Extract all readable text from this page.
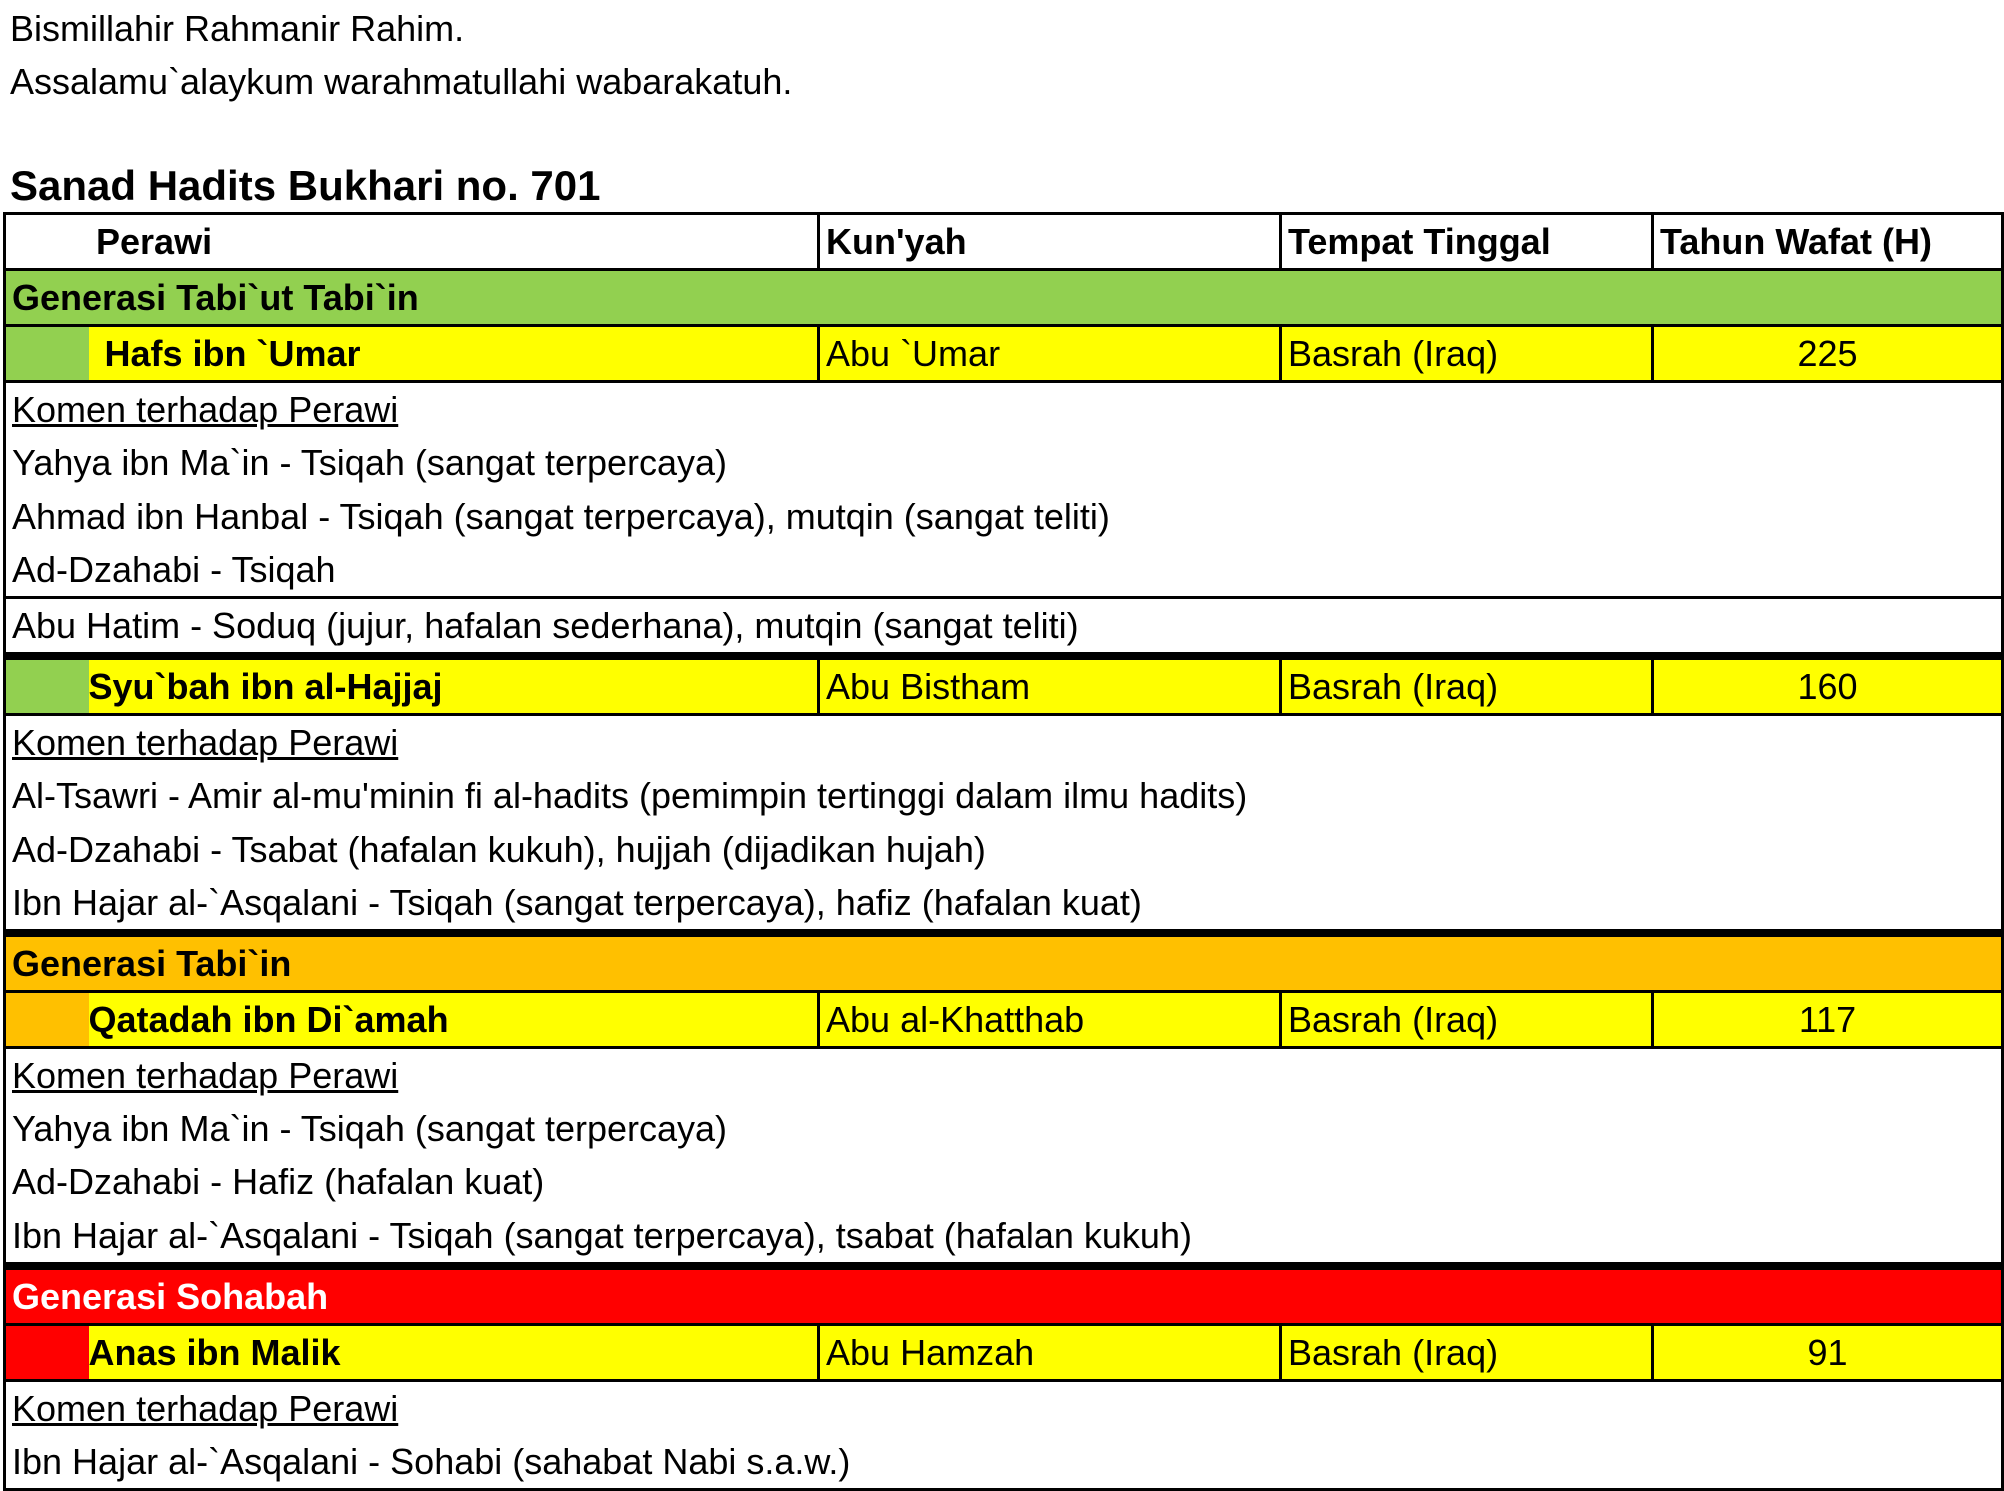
Bismillahir Rahmanir Rahim.
Assalamu`alaykum warahmatullahi wabarakatuh.
Sanad Hadits Bukhari no. 701
Perawi		Kun'yah	Tempat Tinggal	Tahun Wafat (H)
Generasi Tabi`ut Tabi`in				
	Hafs ibn `Umar	Abu `Umar	Basrah (Iraq)	225
Komen terhadap Perawi				
Yahya ibn Ma`in - Tsiqah (sangat terpercaya)				
Ahmad ibn Hanbal - Tsiqah (sangat terpercaya), mutqin (sangat teliti)				
Ad-Dzahabi - Tsiqah				
Abu Hatim - Soduq (jujur, hafalan sederhana), mutqin (sangat teliti)				
	Syu`bah ibn al-Hajjaj	Abu Bistham	Basrah (Iraq)	160
Komen terhadap Perawi				
Al-Tsawri - Amir al-mu'minin fi al-hadits (pemimpin tertinggi dalam ilmu hadits)				
Ad-Dzahabi - Tsabat (hafalan kukuh), hujjah (dijadikan hujah)				
Ibn Hajar al-`Asqalani - Tsiqah (sangat terpercaya), hafiz (hafalan kuat)				
Generasi Tabi`in				
	Qatadah ibn Di`amah	Abu al-Khatthab	Basrah (Iraq)	117
Komen terhadap Perawi				
Yahya ibn Ma`in - Tsiqah (sangat terpercaya)				
Ad-Dzahabi - Hafiz (hafalan kuat)				
Ibn Hajar al-`Asqalani - Tsiqah (sangat terpercaya), tsabat (hafalan kukuh)				
Generasi Sohabah				
	Anas ibn Malik	Abu Hamzah	Basrah (Iraq)	91
Komen terhadap Perawi				
Ibn Hajar al-`Asqalani - Sohabi (sahabat Nabi s.a.w.)				
